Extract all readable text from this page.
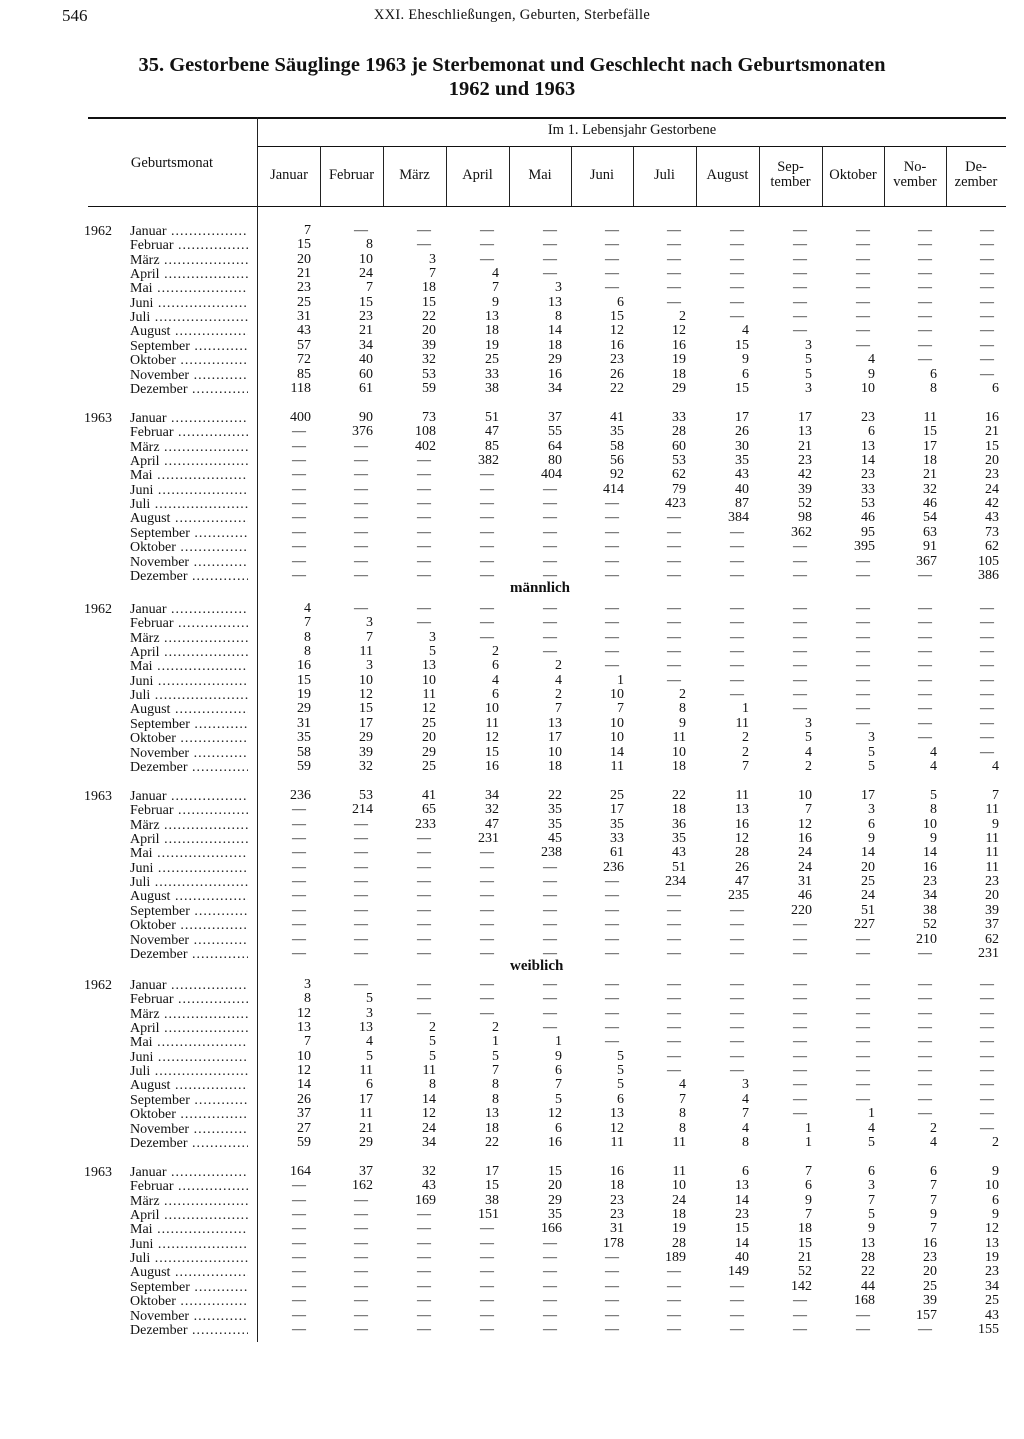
546	XXI. Eheschließungen, Geburten, Sterbefälle
35. Gestorbene Säuglinge 1963 je Sterbemonat und Geschlecht nach Geburtsmonaten
1962 und 1963
Geburtsmonat
Im 1. Lebensjahr Gestorbene
Januar	Februar	März	April	Mai	Juni	Juli	August	Sep-
tember	Oktober	No-
vember
De-
zember
1962 Januar .....	7	—	—	—	—	—	—	—	—	—	—	—
Februar .....	15	8	—	—	—	—	—	—	—	—	—	—
März .....	20	10	3	—	—	—	—	—	—	—	—	—
April .....	21	24	7	4	—	—	—	—	—	—	—	—
Mai .....	23	7	18	7	3	—	—	—	—	—	—	—
Juni .....	25	15	15	9	13	6	—	—	—	—	—	—
Juli .....	31	23	22	13	8	15	2	—	—	—	—	—
August .....	43	21	20	18	14	12	12	4	—	—	—	—
September .....	57	34	39	19	18	16	16	15	3	—	—	—
Oktober .....	72	40	32	25	29	23	19	9	5	4	—	—
November .....	85	60	53	33	16	26	18	6	5	9	6	—
Dezember .....	118	61	59	38	34	22	29	15	3	10	8	6
1963 Januar .....	400	90	73	51	37	41	33	17	17	23	11	16
Februar .....	—	376	108	47	55	35	28	26	13	6	15	21
März .....	—	—	402	85	64	58	60	30	21	13	17	15
April .....	—	—	—	382	80	56	53	35	23	14	18	20
Mai .....	—	—	—	—	404	92	62	43	42	23	21	23
Juni .....	—	—	—	—	—	414	79	40	39	33	32	24
Juli .....	—	—	—	—	—	—	423	87	52	53	46	42
August .....	—	—	—	—	—	—	—	384	98	46	54	43
September .....	—	—	—	—	—	—	—	—	362	95	63	73
Oktober .....	—	—	—	—	—	—	—	—	—	395	91	62
November .....	—	—	—	—	—	—	—	—	—	—	367	105
Dezember .....	—	—	—	—	—	—	—	—	—	—	—	386
männlich
1962 Januar .....	4	—	—	—	—	—	—	—	—	—	—	—
Februar .....	7	3	—	—	—	—	—	—	—	—	—	—
März .....	8	7	3	—	—	—	—	—	—	—	—	—
April .....	8	11	5	2	—	—	—	—	—	—	—	—
Mai .....	16	3	13	6	2	—	—	—	—	—	—	—
Juni .....	15	10	10	4	4	1	—	—	—	—	—	—
Juli .....	19	12	11	6	2	10	2	—	—	—	—	—
August .....	29	15	12	10	7	7	8	1	—	—	—	—
September .....	31	17	25	11	13	10	9	11	3	—	—	—
Oktober .....	35	29	20	12	17	10	11	2	5	3	—	—
November .....	58	39	29	15	10	14	10	2	4	5	4	—
Dezember .....	59	32	25	16	18	11	18	7	2	5	4	4
1963 Januar .....	236	53	41	34	22	25	22	11	10	17	5	7
Februar .....	—	214	65	32	35	17	18	13	7	3	8	11
März .....	—	—	233	47	35	35	36	16	12	6	10	9
April .....	—	—	—	231	45	33	35	12	16	9	9	11
Mai .....	—	—	—	—	238	61	43	28	24	14	14	11
Juni .....	—	—	—	—	—	236	51	26	24	20	16	11
Juli .....	—	—	—	—	—	—	234	47	31	25	23	23
August .....	—	—	—	—	—	—	—	235	46	24	34	20
September .....	—	—	—	—	—	—	—	—	220	51	38	39
Oktober .....	—	—	—	—	—	—	—	—	—	227	52	37
November .....	—	—	—	—	—	—	—	—	—	—	210	62
Dezember .....	—	—	—	—	—	—	—	—	—	—	—	231
weiblich
1962 Januar .....	3	—	—	—	—	—	—	—	—	—	—	—
Februar .....	8	5	—	—	—	—	—	—	—	—	—	—
März .....	12	3	—	—	—	—	—	—	—	—	—	—
April .....	13	13	2	2	—	—	—	—	—	—	—	—
Mai .....	7	4	5	1	1	—	—	—	—	—	—	—
Juni .....	10	5	5	5	9	5	—	—	—	—	—	—
Juli .....	12	11	11	7	6	5	—	—	—	—	—	—
August .....	14	6	8	8	7	5	4	3	—	—	—	—
September .....	26	17	14	8	5	6	7	4	—	—	—	—
Oktober .....	37	11	12	13	12	13	8	7	—	1	—	—
November .....	27	21	24	18	6	12	8	4	1	4	2	—
Dezember .....	59	29	34	22	16	11	11	8	1	5	4	2
1963 Januar .....	164	37	32	17	15	16	11	6	7	6	6	9
Februar .....	—	162	43	15	20	18	10	13	6	3	7	10
März .....	—	—	169	38	29	23	24	14	9	7	7	6
April .....	—	—	—	151	35	23	18	23	7	5	9	9
Mai .....	—	—	—	—	166	31	19	15	18	9	7	12
Juni .....	—	—	—	—	—	178	28	14	15	13	16	13
Juli .....	—	—	—	—	—	—	189	40	21	28	23	19
August .....	—	—	—	—	—	—	—	149	52	22	20	23
September .....	—	—	—	—	—	—	—	—	142	44	25	34
Oktober .....	—	—	—	—	—	—	—	—	—	168	39	25
November .....	—	—	—	—	—	—	—	—	—	—	157	43
Dezember .....	—	—	—	—	—	—	—	—	—	—	—	155
